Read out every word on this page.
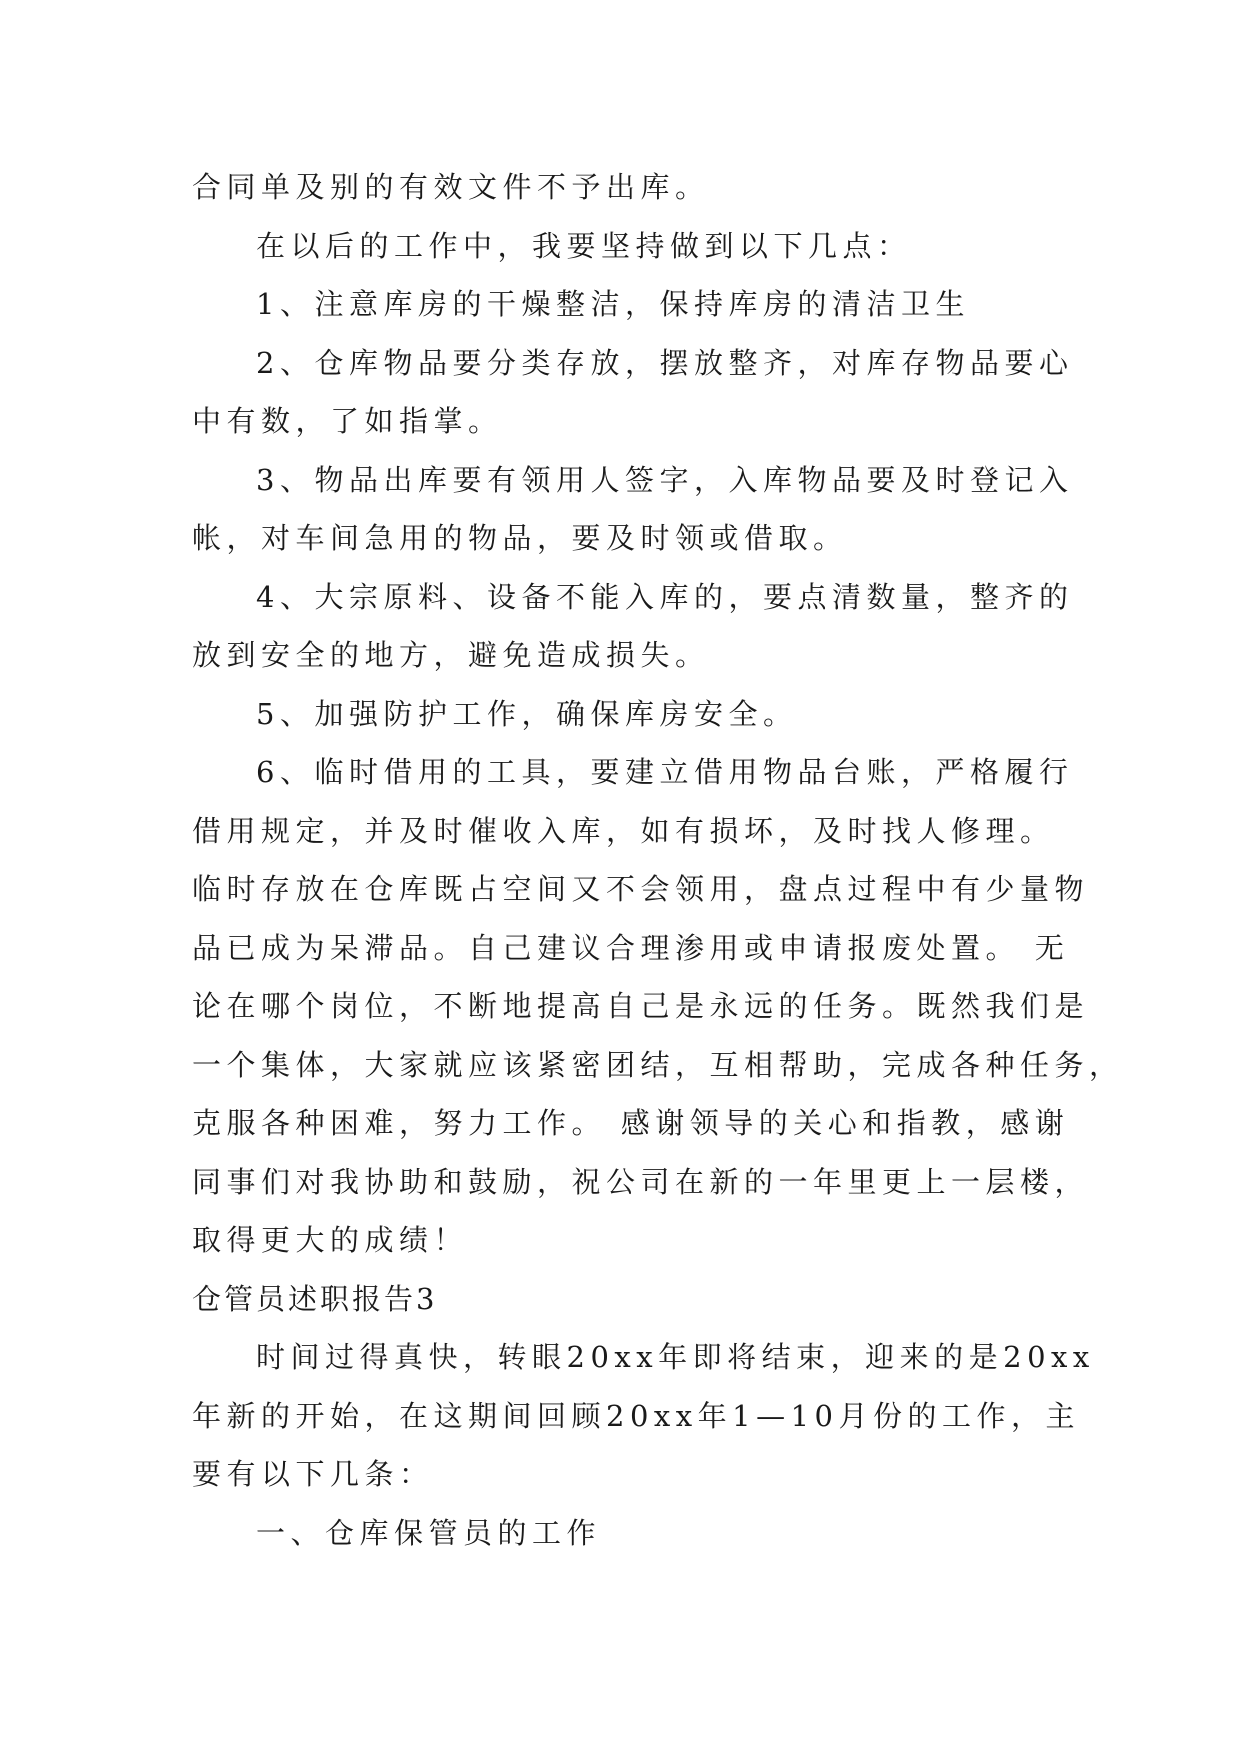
合同单及别的有效文件不予出库。
在以后的工作中，我要坚持做到以下几点：
1、注意库房的干燥整洁，保持库房的清洁卫生
2、仓库物品要分类存放，摆放整齐，对库存物品要心
中有数，了如指掌。
3、物品出库要有领用人签字，入库物品要及时登记入
帐，对车间急用的物品，要及时领或借取。
4、大宗原料、设备不能入库的，要点清数量，整齐的
放到安全的地方，避免造成损失。
5、加强防护工作，确保库房安全。
6、临时借用的工具，要建立借用物品台账，严格履行
借用规定，并及时催收入库，如有损坏，及时找人修理。
临时存放在仓库既占空间又不会领用，盘点过程中有少量物
品已成为呆滞品。自己建议合理渗用或申请报废处置。 无
论在哪个岗位，不断地提高自己是永远的任务。既然我们是
一个集体，大家就应该紧密团结，互相帮助，完成各种任务，
克服各种困难，努力工作。 感谢领导的关心和指教，感谢
同事们对我协助和鼓励，祝公司在新的一年里更上一层楼，
取得更大的成绩！
仓管员述职报告3
时间过得真快，转眼20xx年即将结束，迎来的是20xx
年新的开始，在这期间回顾20xx年1—10月份的工作，主
要有以下几条：
一、仓库保管员的工作
